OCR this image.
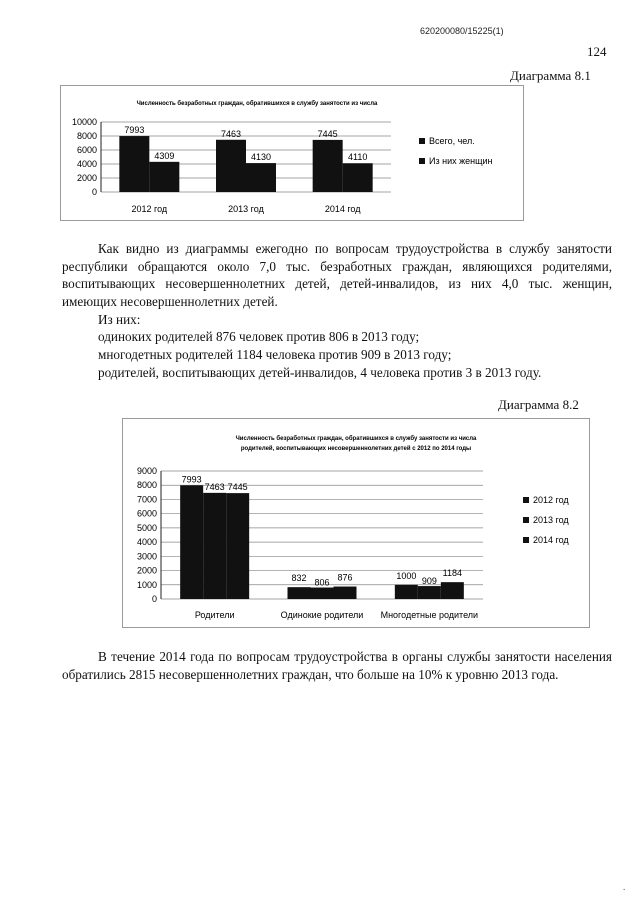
620200080/15225(1)
124
Диаграмма 8.1
Численность безработных граждан, обратившихся в службу занятости из числа
0
2000
4000
6000
8000
10000
7993
4309
2012 год
7463
4130
2013 год
7445
4110
2014 год
Всего, чел.
Из них женщин
Как видно из диаграммы ежегодно по вопросам трудоустройства в службу занятости республики обращаются около 7,0 тыс. безработных граждан, являющихся родителями, воспитывающих несовершеннолетних детей, детей-инвалидов, из них 4,0 тыс. женщин, имеющих несовершеннолетних детей.
Из них:
одиноких родителей 876 человек против 806 в 2013 году;
многодетных родителей 1184 человека против 909 в 2013 году;
родителей, воспитывающих детей-инвалидов, 4 человека против 3 в 2013 году.
Диаграмма 8.2
Численность безработных граждан, обратившихся в службу занятости из числа
родителей, воспитывающих несовершеннолетних детей с 2012 по 2014 годы
0
1000
2000
3000
4000
5000
6000
7000
8000
9000
7993
7463 7445
Родители
832 806 876
Одинокие родители
1000
909
1184
Многодетные родители
2012 год
2013 год
2014 год
В течение 2014 года по вопросам трудоустройства в органы службы занятости населения обратились 2815 несовершеннолетних граждан, что больше на 10% к уровню 2013 года.
.
